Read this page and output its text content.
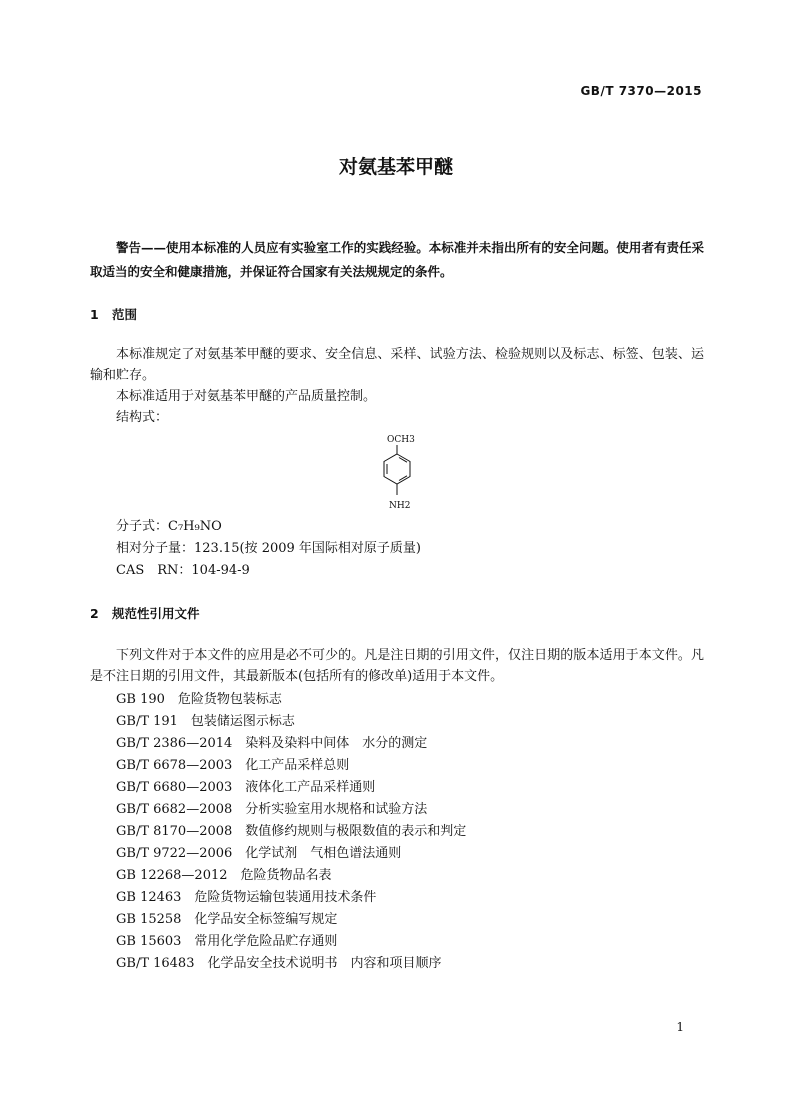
GB/T 7370—2015
对氨基苯甲醚
警告——使用本标准的人员应有实验室工作的实践经验。本标准并未指出所有的安全问题。使用者有责任采取适当的安全和健康措施，并保证符合国家有关法规规定的条件。
1 范围
本标准规定了对氨基苯甲醚的要求、安全信息、采样、试验方法、检验规则以及标志、标签、包装、运输和贮存。
本标准适用于对氨基苯甲醚的产品质量控制。
结构式：
OCH3
NH2
分子式：C₇H₉NO
相对分子量：123.15(按 2009 年国际相对原子质量)
CAS　RN：104-94-9
2 规范性引用文件
下列文件对于本文件的应用是必不可少的。凡是注日期的引用文件，仅注日期的版本适用于本文件。凡是不注日期的引用文件，其最新版本(包括所有的修改单)适用于本文件。
GB 190　危险货物包装标志
GB/T 191　包装储运图示标志
GB/T 2386—2014　染料及染料中间体　水分的测定
GB/T 6678—2003　化工产品采样总则
GB/T 6680—2003　液体化工产品采样通则
GB/T 6682—2008　分析实验室用水规格和试验方法
GB/T 8170—2008　数值修约规则与极限数值的表示和判定
GB/T 9722—2006　化学试剂　气相色谱法通则
GB 12268—2012　危险货物品名表
GB 12463　危险货物运输包装通用技术条件
GB 15258　化学品安全标签编写规定
GB 15603　常用化学危险品贮存通则
GB/T 16483　化学品安全技术说明书　内容和项目顺序
1
